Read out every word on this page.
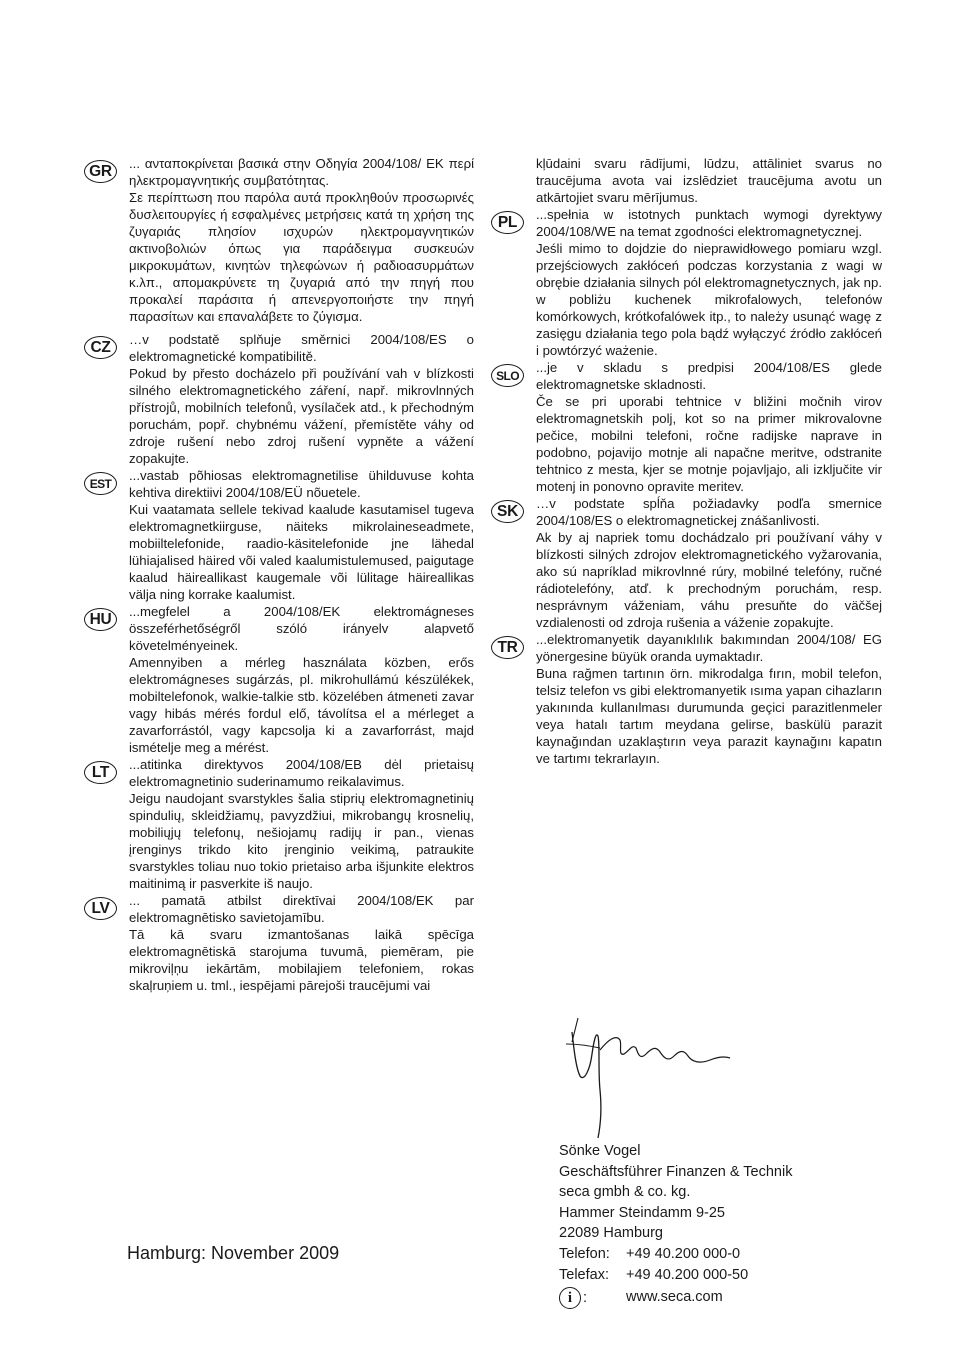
GR	... ανταποκρίνεται βασικά στην Οδηγία 2004/108/ ΕΚ περί ηλεκτρομαγνητικής συμβατότητας.

Σε περίπτωση που παρόλα αυτά προκληθούν προσωρινές δυσλειτουργίες ή εσφαλμένες μετρήσεις κατά τη χρήση της ζυγαριάς πλησίον ισχυρών ηλεκτρομαγνητικών ακτινοβολιών όπως για παράδειγμα συσκευών μικροκυμάτων, κινητών τηλεφώνων ή ραδιοασυρμάτων κ.λπ., απομακρύνετε τη ζυγαριά από την πηγή που προκαλεί παράσιτα ή απενεργοποιήστε την πηγή παρασίτων και επαναλάβετε το ζύγισμα.

CZ	…v podstatě splňuje směrnici 2004/108/ES o elektromagnetické kompatibilitě.

Pokud by přesto docházelo při používání vah v blízkosti silného elektromagnetického záření, např. mikrovlnných přístrojů, mobilních telefonů, vysílaček atd., k přechodným poruchám, popř. chybnému vážení, přemístěte váhy od zdroje rušení nebo zdroj rušení vypněte a vážení zopakujte.

EST

...vastab põhiosas elektromagnetilise ühilduvuse kohta kehtiva direktiivi 2004/108/EÜ nõuetele.

Kui vaatamata sellele tekivad kaalude kasutamisel tugeva elektromagnetkiirguse, näiteks mikrolaineseadmete, mobiiltelefonide, raadio-käsitelefonide jne lähedal lühiajalised häired või valed kaalumistulemused, paigutage kaalud häireallikast kaugemale või lülitage häireallikas välja ning korrake kaalumist.

HU	...megfelel a 2004/108/EK elektromágneses összeférhetőségről szóló irányelv alapvető követelményeinek.

Amennyiben a mérleg használata közben, erős elektromágneses sugárzás, pl. mikrohullámú készülékek, mobiltelefonok, walkie-talkie stb. közelében átmeneti zavar vagy hibás mérés fordul elő, távolítsa el a mérleget a zavarforrástól, vagy kapcsolja ki a zavarforrást, majd ismételje meg a mérést.

LT	...atitinka direktyvos 2004/108/EB dėl prietaisų elektromagnetinio suderinamumo reikalavimus.

Jeigu naudojant svarstykles šalia stiprių elektromagnetinių spindulių, skleidžiamų, pavyzdžiui, mikrobangų krosnelių, mobiliųjų telefonų, nešiojamų radijų ir pan., vienas įrenginys trikdo kito įrenginio veikimą, patraukite svarstykles toliau nuo tokio prietaiso arba išjunkite elektros maitinimą ir pasverkite iš naujo.

LV	... pamatā atbilst direktīvai 2004/108/EK par elektromagnētisko savietojamību.

Tā kā svaru izmantošanas laikā spēcīga elektromagnētiskā starojuma tuvumā, piemēram, pie mikroviļņu iekārtām, mobilajiem telefoniem, rokas skaļruņiem u. tml., iespējami pārejoši traucējumi vai

kļūdaini svaru rādījumi, lūdzu, attāliniet svarus no traucējuma avota vai izslēdziet traucējuma avotu un atkārtojiet svaru mērījumus.

PL	...spełnia w istotnych punktach wymogi dyrektywy 2004/108/WE na temat zgodności elektromagnetycznej.

Jeśli mimo to dojdzie do nieprawidłowego pomiaru wzgl. przejściowych zakłóceń podczas korzystania z wagi w obrębie działania silnych pól elektromagnetycznych, jak np. w pobliżu kuchenek mikrofalowych, telefonów komórkowych, krótkofalówek itp., to należy usunąć wagę z zasięgu działania tego pola bądź wyłączyć źródło zakłóceń i powtórzyć ważenie.

SLO

...je v skladu s predpisi 2004/108/ES glede elektromagnetske skladnosti.

Če se pri uporabi tehtnice v bližini močnih virov elektromagnetskih polj, kot so na primer mikrovalovne pečice, mobilni telefoni, ročne radijske naprave in podobno, pojavijo motnje ali napačne meritve, odstranite tehtnico z mesta, kjer se motnje pojavljajo, ali izključite vir motenj in ponovno opravite meritev.

SK	…v podstate spĺňa požiadavky podľa smernice 2004/108/ES o elektromagnetickej znášanlivosti.

Ak by aj napriek tomu dochádzalo pri používaní váhy v blízkosti silných zdrojov elektromagnetického vyžarovania, ako sú napríklad mikrovlnné rúry, mobilné telefóny, ručné rádiotelefóny, atď. k prechodným poruchám, resp. nesprávnym váženiam, váhu presuňte do väčšej vzdialenosti od zdroja rušenia a váženie zopakujte.

TR	...elektromanyetik dayanıklılık bakımından 2004/108/ EG yönergesine büyük oranda uymaktadır.

Buna rağmen tartının örn. mikrodalga fırın, mobil telefon, telsiz telefon vs gibi elektromanyetik ısıma yapan cihazların yakınında kullanılması durumunda geçici parazitlenmeler veya hatalı tartım meydana gelirse, baskülü parazit kaynağından uzaklaştırın veya parazit kaynağını kapatın ve tartımı tekrarlayın.

Sönke Vogel
Geschäftsführer Finanzen & Technik
seca gmbh & co. kg.
Hammer Steindamm 9-25
22089 Hamburg
Telefon:	+49 40.200 000-0
Telefax:	+49 40.200 000-50
i :	www.seca.com
Hamburg: November 2009
